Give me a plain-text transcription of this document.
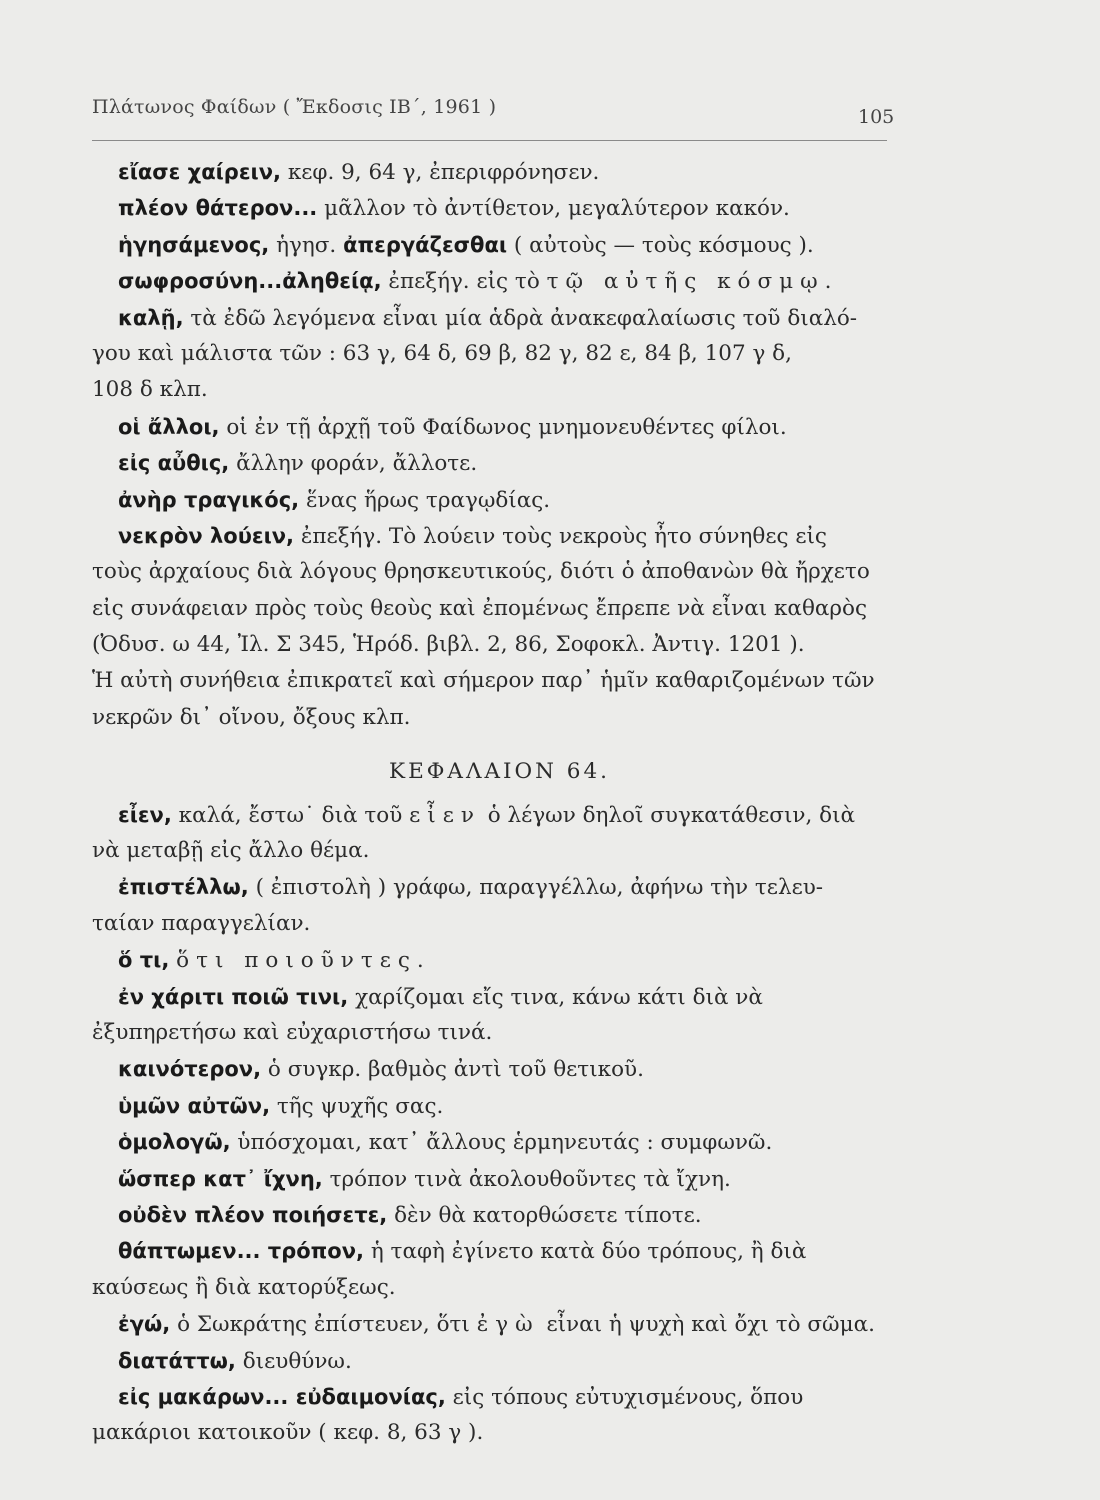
Πλάτωνος Φαίδων ( Ἔκδοσις ΙΒ΄, 1961 )	105
εἴασε χαίρειν, κεφ. 9, 64 γ, ἐπεριφρόνησεν.
πλέον θάτερον... μᾶλλον τὸ ἀντίθετον, μεγαλύτερον κακόν.
ἡγησάμενος, ἡγησ. ἀπεργάζεσθαι ( αὐτοὺς — τοὺς κόσμους ).
σωφροσύνη...ἀληθείᾳ, ἐπεξήγ. εἰς τὸ τῷ αὐτῆς κόσμῳ.
καλῇ, τὰ ἐδῶ λεγόμενα εἶναι μία ἁδρὰ ἀνακεφαλαίωσις τοῦ διαλό-
γου καὶ μάλιστα τῶν : 63 γ, 64 δ, 69 β, 82 γ, 82 ε, 84 β, 107 γ δ,
108 δ κλπ.
οἱ ἄλλοι, οἱ ἐν τῇ ἀρχῇ τοῦ Φαίδωνος μνημονευθέντες φίλοι.
εἰς αὖθις, ἄλλην φοράν, ἄλλοτε.
ἀνὴρ τραγικός, ἕνας ἥρως τραγῳδίας.
νεκρὸν λούειν, ἐπεξήγ. Τὸ λούειν τοὺς νεκροὺς ἦτο σύνηθες εἰς
τοὺς ἀρχαίους διὰ λόγους θρησκευτικούς, διότι ὁ ἀποθανὼν θὰ ἤρχετο
εἰς συνάφειαν πρὸς τοὺς θεοὺς καὶ ἐπομένως ἔπρεπε νὰ εἶναι καθαρὸς
(Ὀδυσ. ω 44, Ἰλ. Σ 345, Ἡρόδ. βιβλ. 2, 86, Σοφοκλ. Ἀντιγ. 1201 ).
Ἡ αὐτὴ συνήθεια ἐπικρατεῖ καὶ σήμερον παρ᾽ ἡμῖν καθαριζομένων τῶν
νεκρῶν δι᾽ οἴνου, ὄξους κλπ.
ΚΕΦΑΛΑΙΟΝ 64.
εἶεν, καλά, ἔστω˙ διὰ τοῦ εἶεν ὁ λέγων δηλοῖ συγκατάθεσιν, διὰ
νὰ μεταβῇ εἰς ἄλλο θέμα.
ἐπιστέλλω, ( ἐπιστολὴ ) γράφω, παραγγέλλω, ἀφήνω τὴν τελευ-
ταίαν παραγγελίαν.
ὅ τι, ὅτι ποιοῦντες.
ἐν χάριτι ποιῶ τινι, χαρίζομαι εἴς τινα, κάνω κάτι διὰ νὰ
ἐξυπηρετήσω καὶ εὐχαριστήσω τινά.
καινότερον, ὁ συγκρ. βαθμὸς ἀντὶ τοῦ θετικοῦ.
ὑμῶν αὐτῶν, τῆς ψυχῆς σας.
ὁμολογῶ, ὑπόσχομαι, κατ᾽ ἄλλους ἑρμηνευτάς : συμφωνῶ.
ὥσπερ κατ᾽ ἴχνη, τρόπον τινὰ ἀκολουθοῦντες τὰ ἴχνη.
οὐδὲν πλέον ποιήσετε, δὲν θὰ κατορθώσετε τίποτε.
θάπτωμεν... τρόπον, ἡ ταφὴ ἐγίνετο κατὰ δύο τρόπους, ἢ διὰ
καύσεως ἢ διὰ κατορύξεως.
ἐγώ, ὁ Σωκράτης ἐπίστευεν, ὅτι ἐγὼ εἶναι ἡ ψυχὴ καὶ ὄχι τὸ σῶμα.
διατάττω, διευθύνω.
εἰς μακάρων... εὐδαιμονίας, εἰς τόπους εὐτυχισμένους, ὅπου
μακάριοι κατοικοῦν ( κεφ. 8, 63 γ ).
